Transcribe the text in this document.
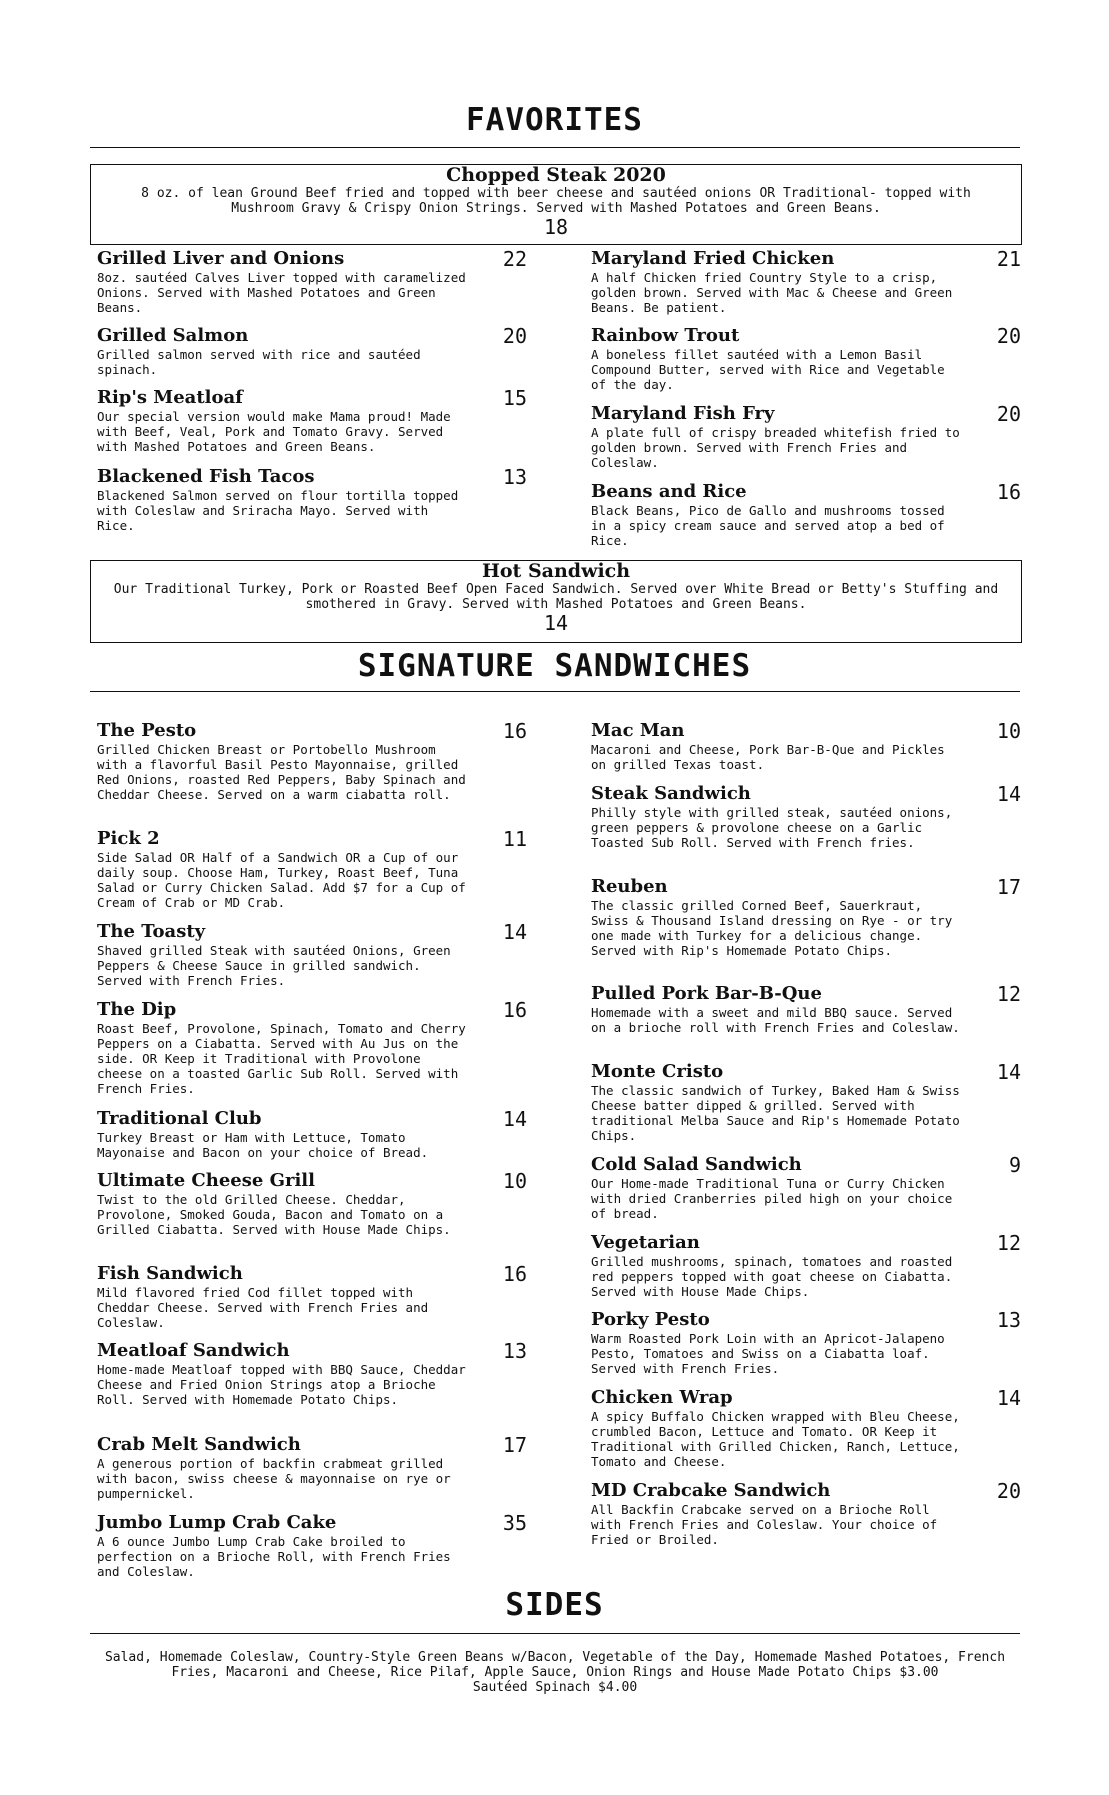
FAVORITES
Chopped Steak 2020
8 oz. of lean Ground Beef fried and topped with beer cheese and sautéed onions OR Traditional- topped with Mushroom Gravy & Crispy Onion Strings. Served with Mashed Potatoes and Green Beans.
18
Grilled Liver and Onions	22
8oz. sautéed Calves Liver topped with caramelized Onions. Served with Mashed Potatoes and Green Beans.
Grilled Salmon	20
Grilled salmon served with rice and sautéed spinach.
Rip's Meatloaf	15
Our special version would make Mama proud! Made with Beef, Veal, Pork and Tomato Gravy. Served with Mashed Potatoes and Green Beans.
Blackened Fish Tacos	13
Blackened Salmon served on flour tortilla topped with Coleslaw and Sriracha Mayo. Served with Rice.
Maryland Fried Chicken	21
A half Chicken fried Country Style to a crisp, golden brown. Served with Mac & Cheese and Green Beans. Be patient.
Rainbow Trout	20
A boneless fillet sautéed with a Lemon Basil Compound Butter, served with Rice and Vegetable of the day.
Maryland Fish Fry	20
A plate full of crispy breaded whitefish fried to golden brown. Served with French Fries and Coleslaw.
Beans and Rice	16
Black Beans, Pico de Gallo and mushrooms tossed in a spicy cream sauce and served atop a bed of Rice.
Hot Sandwich
Our Traditional Turkey, Pork or Roasted Beef Open Faced Sandwich. Served over White Bread or Betty's Stuffing and smothered in Gravy. Served with Mashed Potatoes and Green Beans.
14
SIGNATURE SANDWICHES
The Pesto	16
Grilled Chicken Breast or Portobello Mushroom with a flavorful Basil Pesto Mayonnaise, grilled Red Onions, roasted Red Peppers, Baby Spinach and Cheddar Cheese. Served on a warm ciabatta roll.
Pick 2	11
Side Salad OR Half of a Sandwich OR a Cup of our daily soup. Choose Ham, Turkey, Roast Beef, Tuna Salad or Curry Chicken Salad. Add $7 for a Cup of Cream of Crab or MD Crab.
The Toasty	14
Shaved grilled Steak with sautéed Onions, Green Peppers & Cheese Sauce in grilled sandwich. Served with French Fries.
The Dip	16
Roast Beef, Provolone, Spinach, Tomato and Cherry Peppers on a Ciabatta. Served with Au Jus on the side. OR Keep it Traditional with Provolone cheese on a toasted Garlic Sub Roll. Served with French Fries.
Traditional Club	14
Turkey Breast or Ham with Lettuce, Tomato Mayonaise and Bacon on your choice of Bread.
Ultimate Cheese Grill	10
Twist to the old Grilled Cheese. Cheddar, Provolone, Smoked Gouda, Bacon and Tomato on a Grilled Ciabatta. Served with House Made Chips.
Fish Sandwich	16
Mild flavored fried Cod fillet topped with Cheddar Cheese. Served with French Fries and Coleslaw.
Meatloaf Sandwich	13
Home-made Meatloaf topped with BBQ Sauce, Cheddar Cheese and Fried Onion Strings atop a Brioche Roll. Served with Homemade Potato Chips.
Crab Melt Sandwich	17
A generous portion of backfin crabmeat grilled with bacon, swiss cheese & mayonnaise on rye or pumpernickel.
Jumbo Lump Crab Cake	35
A 6 ounce Jumbo Lump Crab Cake broiled to perfection on a Brioche Roll, with French Fries and Coleslaw.
Mac Man	10
Macaroni and Cheese, Pork Bar-B-Que and Pickles on grilled Texas toast.
Steak Sandwich	14
Philly style with grilled steak, sautéed onions, green peppers & provolone cheese on a Garlic Toasted Sub Roll. Served with French fries.
Reuben	17
The classic grilled Corned Beef, Sauerkraut, Swiss & Thousand Island dressing on Rye - or try one made with Turkey for a delicious change. Served with Rip's Homemade Potato Chips.
Pulled Pork Bar-B-Que	12
Homemade with a sweet and mild BBQ sauce. Served on a brioche roll with French Fries and Coleslaw.
Monte Cristo	14
The classic sandwich of Turkey, Baked Ham & Swiss Cheese batter dipped & grilled. Served with traditional Melba Sauce and Rip's Homemade Potato Chips.
Cold Salad Sandwich	9
Our Home-made Traditional Tuna or Curry Chicken with dried Cranberries piled high on your choice of bread.
Vegetarian	12
Grilled mushrooms, spinach, tomatoes and roasted red peppers topped with goat cheese on Ciabatta. Served with House Made Chips.
Porky Pesto	13
Warm Roasted Pork Loin with an Apricot-Jalapeno Pesto, Tomatoes and Swiss on a Ciabatta loaf. Served with French Fries.
Chicken Wrap	14
A spicy Buffalo Chicken wrapped with Bleu Cheese, crumbled Bacon, Lettuce and Tomato. OR Keep it Traditional with Grilled Chicken, Ranch, Lettuce, Tomato and Cheese.
MD Crabcake Sandwich	20
All Backfin Crabcake served on a Brioche Roll with French Fries and Coleslaw. Your choice of Fried or Broiled.
SIDES
Salad, Homemade Coleslaw, Country-Style Green Beans w/Bacon, Vegetable of the Day, Homemade Mashed Potatoes, French Fries, Macaroni and Cheese, Rice Pilaf, Apple Sauce, Onion Rings and House Made Potato Chips $3.00
Sautéed Spinach $4.00
